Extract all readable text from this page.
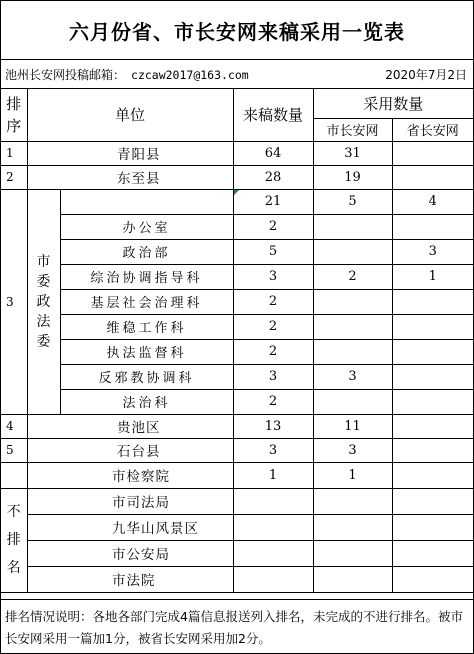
六月份省、市长安网来稿采用一览表
池州长安网投稿邮箱： czcaw2017@163.com	2020年7月2日
排序	单位		来稿数量	采用数量	
				市长安网	省长安网
1		青阳县	64	31	
2		东至县	28	19	
3	市委政法委		21	5	4
		办公室	2		
		政治部	5		3
		综治协调指导科	3	2	1
		基层社会治理科	2		
		维稳工作科	2		
		执法监督科	2		
		反邪教协调科	3	3	
		法治科	2		
4		贵池区	13	11	
5		石台县	3	3	
		市检察院	1	1	
不排名		市司法局			
		九华山风景区			
		市公安局			
		市法院			
排名情况说明：各地各部门完成4篇信息报送列入排名，未完成的不进行排名。被市长安网采用一篇加1分，被省长安网采用加2分。
